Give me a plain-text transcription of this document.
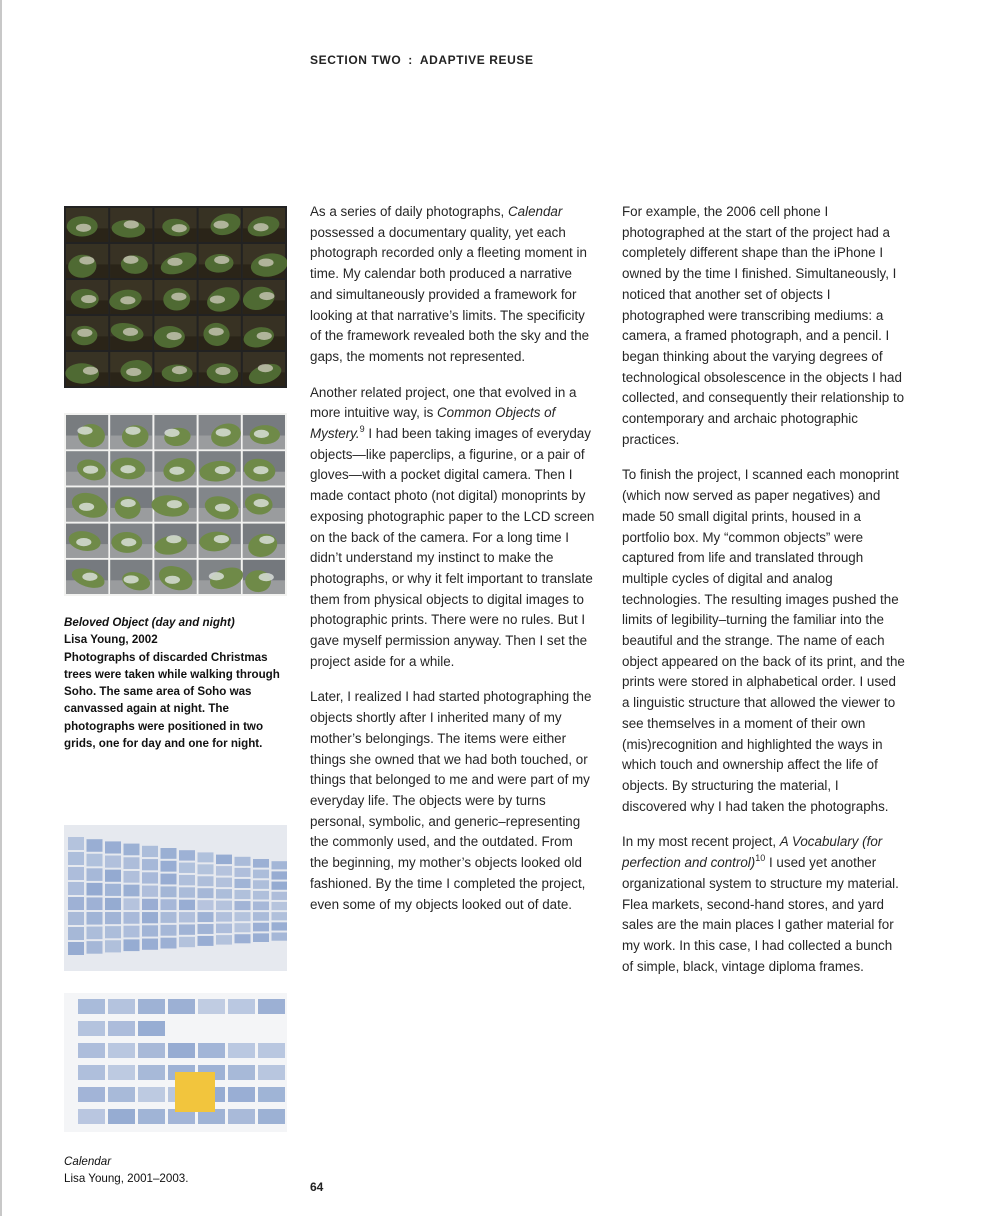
SECTION TWO : ADAPTIVE REUSE
Beloved Object (day and night)
Lisa Young, 2002
Photographs of discarded Christmas trees were taken while walking through Soho. The same area of Soho was canvassed again at night. The photographs were positioned in two grids, one for day and one for night.
Calendar
Lisa Young, 2001–2003.

As a series of daily photographs, Calendar possessed a documentary quality, yet each photograph recorded only a fleeting moment in time. My calendar both produced a narrative and simultaneously provided a framework for looking at that narrative’s limits. The specificity of the framework revealed both the sky and the gaps, the moments not represented.

Another related project, one that evolved in a more intuitive way, is Common Objects of Mystery.$^9$ I had been taking images of everyday objects—like paperclips, a figurine, or a pair of gloves—with a pocket digital camera. Then I made contact photo (not digital) monoprints by exposing photographic paper to the LCD screen on the back of the camera. For a long time I didn’t understand my instinct to make the photographs, or why it felt important to translate them from physical objects to digital images to photographic prints. There were no rules. But I gave myself permission anyway. Then I set the project aside for a while.

Later, I realized I had started photographing the objects shortly after I inherited many of my mother’s belongings. The items were either things she owned that we had both touched, or things that belonged to me and were part of my everyday life. The objects were by turns personal, symbolic, and generic–representing the commonly used, and the outdated. From the beginning, my mother’s objects looked old fashioned. By the time I completed the project, even some of my objects looked out of date.

For example, the 2006 cell phone I photographed at the start of the project had a completely different shape than the iPhone I owned by the time I finished. Simultaneously, I noticed that another set of objects I photographed were transcribing mediums: a camera, a framed photograph, and a pencil. I began thinking about the varying degrees of technological obsolescence in the objects I had collected, and consequently their relationship to contemporary and archaic photographic practices.

To finish the project, I scanned each monoprint (which now served as paper negatives) and made 50 small digital prints, housed in a portfolio box. My “common objects” were captured from life and translated through multiple cycles of digital and analog technologies. The resulting images pushed the limits of legibility–turning the familiar into the beautiful and the strange. The name of each object appeared on the back of its print, and the prints were stored in alphabetical order. I used a linguistic structure that allowed the viewer to see themselves in a moment of their own (mis)recognition and highlighted the ways in which touch and ownership affect the life of objects. By structuring the material, I discovered why I had taken the photographs.

In my most recent project, A Vocabulary (for perfection and control)$^{10}$ I used yet another organizational system to structure my material. Flea markets, second-hand stores, and yard sales are the main places I gather material for my work. In this case, I had collected a bunch of simple, black, vintage diploma frames.

64
